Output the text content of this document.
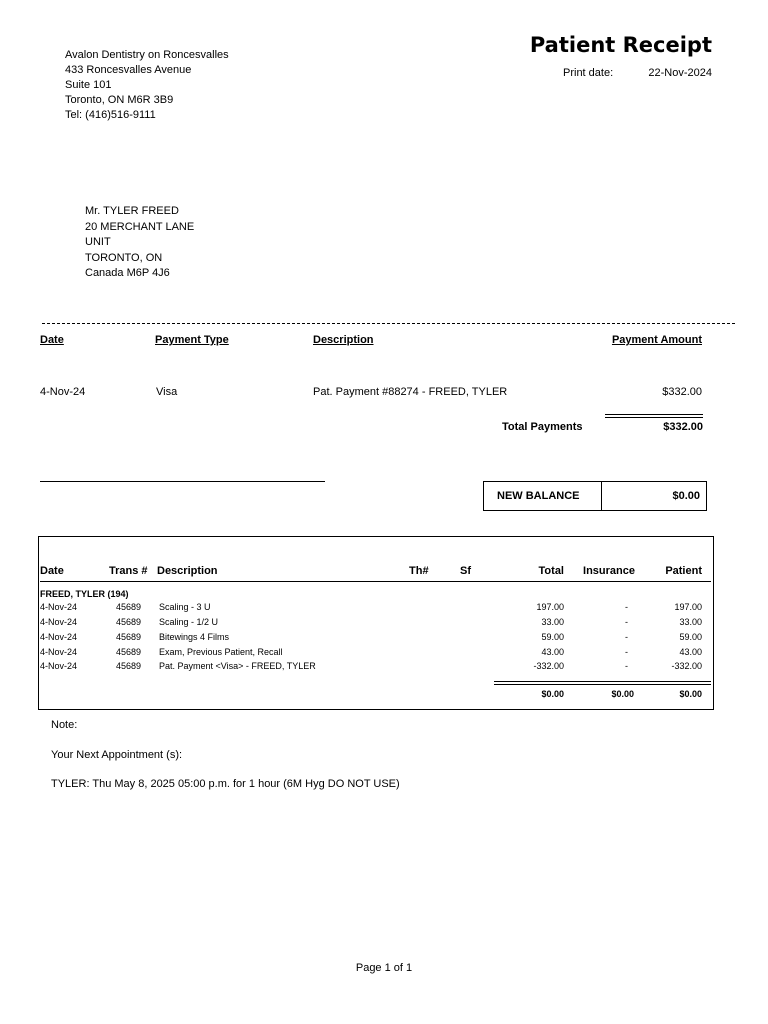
Avalon Dentistry on Roncesvalles
433 Roncesvalles Avenue
Suite 101
Toronto, ON M6R 3B9
Tel: (416)516-9111
Patient Receipt
Print date:	22-Nov-2024
Mr. TYLER FREED
20 MERCHANT LANE
UNIT
TORONTO, ON
Canada M6P 4J6
Date	Payment Type	Description	Payment Amount
4-Nov-24	Visa	Pat. Payment #88274 - FREED, TYLER	$332.00
Total Payments	$332.00
NEW BALANCE	$0.00
Date	Trans # Description	Th#	Sf	Total Insurance	Patient
FREED, TYLER (194)
4-Nov-24	45689 Scaling - 3 U	197.00	-	197.00
4-Nov-24	45689 Scaling - 1/2 U	33.00	-	33.00
4-Nov-24	45689 Bitewings 4 Films	59.00	-	59.00
4-Nov-24	45689 Exam, Previous Patient, Recall	43.00	-	43.00
4-Nov-24	45689 Pat. Payment <Visa> - FREED, TYLER	-332.00	-	-332.00
$0.00	$0.00	$0.00
Note:
Your Next Appointment (s):
TYLER: Thu May 8, 2025 05:00 p.m. for 1 hour (6M Hyg DO NOT USE)
Page 1 of 1
